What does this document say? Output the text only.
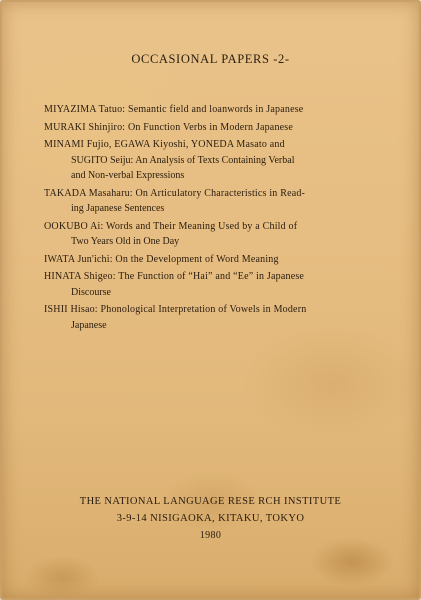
OCCASIONAL PAPERS -2-
MIYAZIMA Tatuo: Semantic field and loanwords in Japanese
MURAKI Shinjiro: On Function Verbs in Modern Japanese
MINAMI Fujio, EGAWA Kiyoshi, YONEDA Masato and
SUGITO Seiju: An Analysis of Texts Containing Verbal
and Non-verbal Expressions
TAKADA Masaharu: On Articulatory Characteristics in Read-
ing Japanese Sentences
OOKUBO Ai: Words and Their Meaning Used by a Child of
Two Years Old in One Day
IWATA Jun'ichi: On the Development of Word Meaning
HINATA Shigeo: The Function of “Hai” and “Ee” in Japanese
Discourse
ISHII Hisao: Phonological Interpretation of Vowels in Modern
Japanese
THE NATIONAL LANGUAGE RESE RCH INSTITUTE
3-9-14 NISIGAOKA, KITAKU, TOKYO
1980
